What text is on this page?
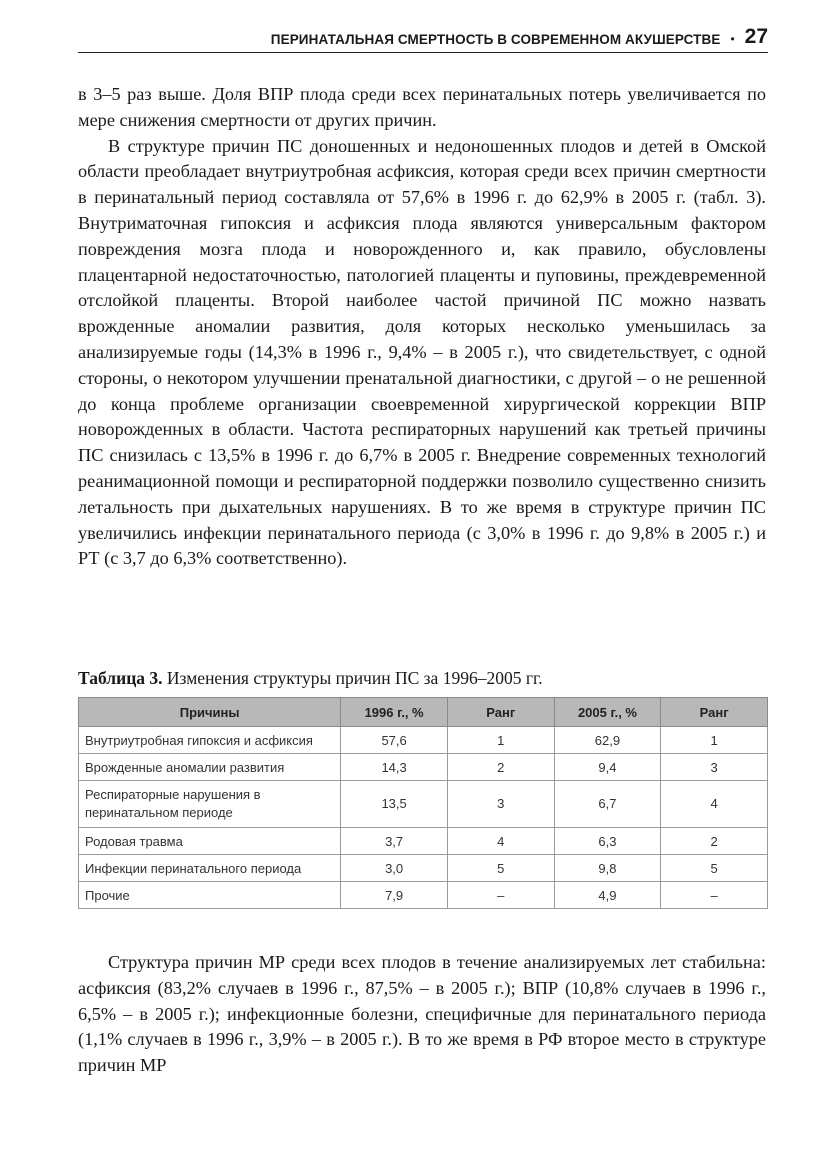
ПЕРИНАТАЛЬНАЯ СМЕРТНОСТЬ В СОВРЕМЕННОМ АКУШЕРСТВЕ • 27

в 3–5 раз выше. Доля ВПР плода среди всех перинатальных потерь увеличивается по мере снижения смертности от других причин.

В структуре причин ПС доношенных и недоношенных плодов и детей в Омской области преобладает внутриутробная асфиксия, которая среди всех причин смертности в перинатальный период составляла от 57,6% в 1996 г. до 62,9% в 2005 г. (табл. 3). Внутриматочная гипоксия и асфиксия плода являются универсальным фактором повреждения мозга плода и новорожденного и, как правило, обусловлены плацентарной недостаточностью, патологией плаценты и пуповины, преждевременной отслойкой плаценты. Второй наиболее частой причиной ПС можно назвать врожденные аномалии развития, доля которых несколько уменьшилась за анализируемые годы (14,3% в 1996 г., 9,4% – в 2005 г.), что свидетельствует, с одной стороны, о некотором улучшении пренатальной диагностики, с другой – о не решенной до конца проблеме организации своевременной хирургической коррекции ВПР новорожденных в области. Частота респираторных нарушений как третьей причины ПС снизилась с 13,5% в 1996 г. до 6,7% в 2005 г. Внедрение современных технологий реанимационной помощи и респираторной поддержки позволило существенно снизить летальность при дыхательных нарушениях. В то же время в структуре причин ПС увеличились инфекции перинатального периода (с 3,0% в 1996 г. до 9,8% в 2005 г.) и РТ (с 3,7 до 6,3% соответственно).

Таблица 3. Изменения структуры причин ПС за 1996–2005 гг.
Причины	1996 г., %	Ранг	2005 г., %	Ранг
Внутриутробная гипоксия и асфиксия	57,6	1	62,9	1
Врожденные аномалии развития	14,3	2	9,4	3
Респираторные нарушения в перинатальном периоде	13,5	3	6,7	4
Родовая травма	3,7	4	6,3	2
Инфекции перинатального периода	3,0	5	9,8	5
Прочие	7,9	–	4,9	–

Структура причин МР среди всех плодов в течение анализируемых лет стабильна: асфиксия (83,2% случаев в 1996 г., 87,5% – в 2005 г.); ВПР (10,8% случаев в 1996 г., 6,5% – в 2005 г.); инфекционные болезни, специфичные для перинатального периода (1,1% случаев в 1996 г., 3,9% – в 2005 г.). В то же время в РФ второе место в структуре причин МР
